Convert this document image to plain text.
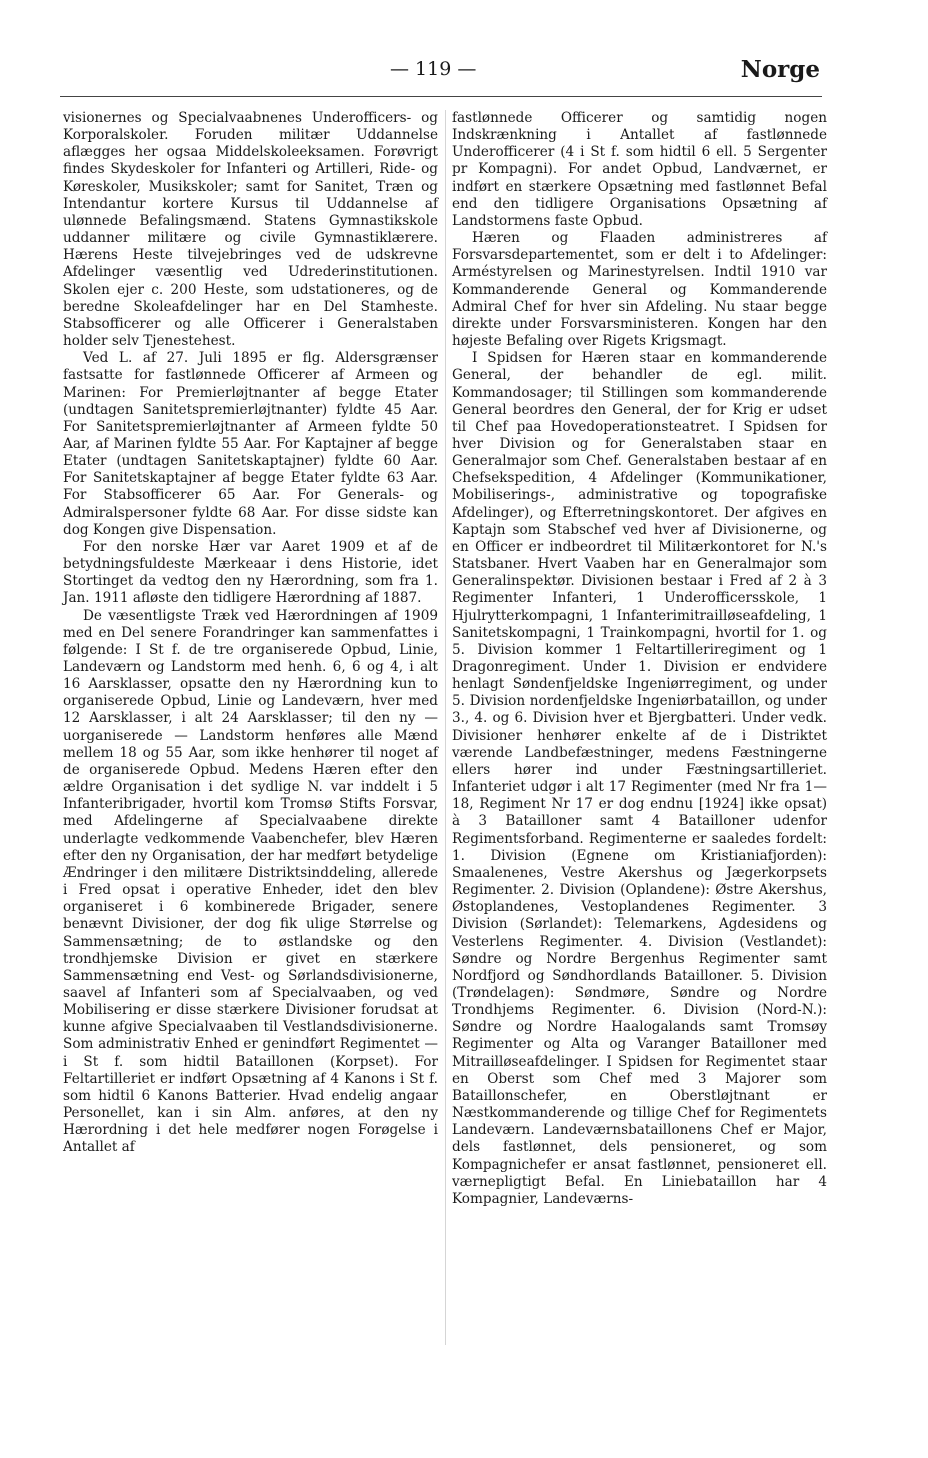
— 119 —	Norge

visionernes og Specialvaabnenes Underofficers- og Korporalskoler. Foruden militær Uddannelse aflægges her ogsaa Middelskoleeksamen. Forøvrigt findes Skydeskoler for Infanteri og Artilleri, Ride- og Køreskoler, Musikskoler; samt for Sanitet, Træn og Intendantur kortere Kursus til Uddannelse af ulønnede Befalingsmænd. Statens Gymnastikskole uddanner militære og civile Gymnastiklærere. Hærens Heste tilvejebringes ved de udskrevne Afdelinger væsentlig ved Udrederinstitutionen. Skolen ejer c. 200 Heste, som udstationeres, og de beredne Skoleafdelinger har en Del Stamheste. Stabsofficerer og alle Officerer i Generalstaben holder selv Tjenestehest.

Ved L. af 27. Juli 1895 er flg. Aldersgrænser fastsatte for fastlønnede Officerer af Armeen og Marinen: For Premierløjtnanter af begge Etater (undtagen Sanitetspremierløjtnanter) fyldte 45 Aar. For Sanitetspremierløjtnanter af Armeen fyldte 50 Aar, af Marinen fyldte 55 Aar. For Kaptajner af begge Etater (undtagen Sanitetskaptajner) fyldte 60 Aar. For Sanitetskaptajner af begge Etater fyldte 63 Aar. For Stabsofficerer 65 Aar. For Generals- og Admiralspersoner fyldte 68 Aar. For disse sidste kan dog Kongen give Dispensation.

For den norske Hær var Aaret 1909 et af de betydningsfuldeste Mærkeaar i dens Historie, idet Stortinget da vedtog den ny Hærordning, som fra 1. Jan. 1911 afløste den tidligere Hærordning af 1887.

De væsentligste Træk ved Hærordningen af 1909 med en Del senere Forandringer kan sammenfattes i følgende: I St f. de tre organiserede Opbud, Linie, Landeværn og Landstorm med henh. 6, 6 og 4, i alt 16 Aarsklasser, opsatte den ny Hærordning kun to organiserede Opbud, Linie og Landeværn, hver med 12 Aarsklasser, i alt 24 Aarsklasser; til den ny — uorganiserede — Landstorm henføres alle Mænd mellem 18 og 55 Aar, som ikke henhører til noget af de organiserede Opbud. Medens Hæren efter den ældre Organisation i det sydlige N. var inddelt i 5 Infanteribrigader, hvortil kom Tromsø Stifts Forsvar, med Afdelingerne af Specialvaabene direkte underlagte vedkommende Vaabenchefer, blev Hæren efter den ny Organisation, der har medført betydelige Ændringer i den militære Distriktsinddeling, allerede i Fred opsat i operative Enheder, idet den blev organiseret i 6 kombinerede Brigader, senere benævnt Divisioner, der dog fik ulige Størrelse og Sammensætning; de to østlandske og den trondhjemske Division er givet en stærkere Sammensætning end Vest- og Sørlandsdivisionerne, saavel af Infanteri som af Specialvaaben, og ved Mobilisering er disse stærkere Divisioner forudsat at kunne afgive Specialvaaben til Vestlandsdivisionerne. Som administrativ Enhed er genindført Regimentet — i St f. som hidtil Bataillonen (Korpset). For Feltartilleriet er indført Opsætning af 4 Kanons i St f. som hidtil 6 Kanons Batterier. Hvad endelig angaar Personellet, kan i sin Alm. anføres, at den ny Hærordning i det hele medfører nogen Forøgelse i Antallet af

fastlønnede Officerer og samtidig nogen Indskrænkning i Antallet af fastlønnede Underofficerer (4 i St f. som hidtil 6 ell. 5 Sergenter pr Kompagni). For andet Opbud, Landværnet, er indført en stærkere Opsætning med fastlønnet Befal end den tidligere Organisations Opsætning af Landstormens faste Opbud.

Hæren og Flaaden administreres af Forsvarsdepartementet, som er delt i to Afdelinger: Arméstyrelsen og Marinestyrelsen. Indtil 1910 var Kommanderende General og Kommanderende Admiral Chef for hver sin Afdeling. Nu staar begge direkte under Forsvarsministeren. Kongen har den højeste Befaling over Rigets Krigsmagt.

I Spidsen for Hæren staar en kommanderende General, der behandler de egl. milit. Kommandosager; til Stillingen som kommanderende General beordres den General, der for Krig er udset til Chef paa Hovedoperationsteatret. I Spidsen for hver Division og for Generalstaben staar en Generalmajor som Chef. Generalstaben bestaar af en Chefsekspedition, 4 Afdelinger (Kommunikationer, Mobiliserings-, administrative og topografiske Afdelinger), og Efterretningskontoret. Der afgives en Kaptajn som Stabschef ved hver af Divisionerne, og en Officer er indbeordret til Militærkontoret for N.'s Statsbaner. Hvert Vaaben har en Generalmajor som Generalinspektør. Divisionen bestaar i Fred af 2 à 3 Regimenter Infanteri, 1 Underofficersskole, 1 Hjulrytterkompagni, 1 Infanterimitrailløseafdeling, 1 Sanitetskompagni, 1 Trainkompagni, hvortil for 1. og 5. Division kommer 1 Feltartilleriregiment og 1 Dragonregiment. Under 1. Division er endvidere henlagt Søndenfjeldske Ingeniørregiment, og under 5. Division nordenfjeldske Ingeniørbataillon, og under 3., 4. og 6. Division hver et Bjergbatteri. Under vedk. Divisioner henhører enkelte af de i Distriktet værende Landbefæstninger, medens Fæstningerne ellers hører ind under Fæstningsartilleriet. Infanteriet udgør i alt 17 Regimenter (med Nr fra 1—18, Regiment Nr 17 er dog endnu [1924] ikke opsat) à 3 Batailloner samt 4 Batailloner udenfor Regimentsforband. Regimenterne er saaledes fordelt: 1. Division (Egnene om Kristianiafjorden): Smaalenenes, Vestre Akershus og Jægerkorpsets Regimenter. 2. Division (Oplandene): Østre Akershus, Østoplandenes, Vestoplandenes Regimenter. 3 Division (Sørlandet): Telemarkens, Agdesidens og Vesterlens Regimenter. 4. Division (Vestlandet): Søndre og Nordre Bergenhus Regimenter samt Nordfjord og Søndhordlands Batailloner. 5. Division (Trøndelagen): Søndmøre, Søndre og Nordre Trondhjems Regimenter. 6. Division (Nord-N.): Søndre og Nordre Haalogalands samt Tromsøy Regimenter og Alta og Varanger Batailloner med Mitrailløseafdelinger. I Spidsen for Regimentet staar en Oberst som Chef med 3 Majorer som Bataillonschefer, en Oberstløjtnant er Næstkommanderende og tillige Chef for Regimentets Landeværn. Landeværnsbataillonens Chef er Major, dels fastlønnet, dels pensioneret, og som Kompagnichefer er ansat fastlønnet, pensioneret ell. værnepligtigt Befal. En Liniebataillon har 4 Kompagnier, Landeværns-
